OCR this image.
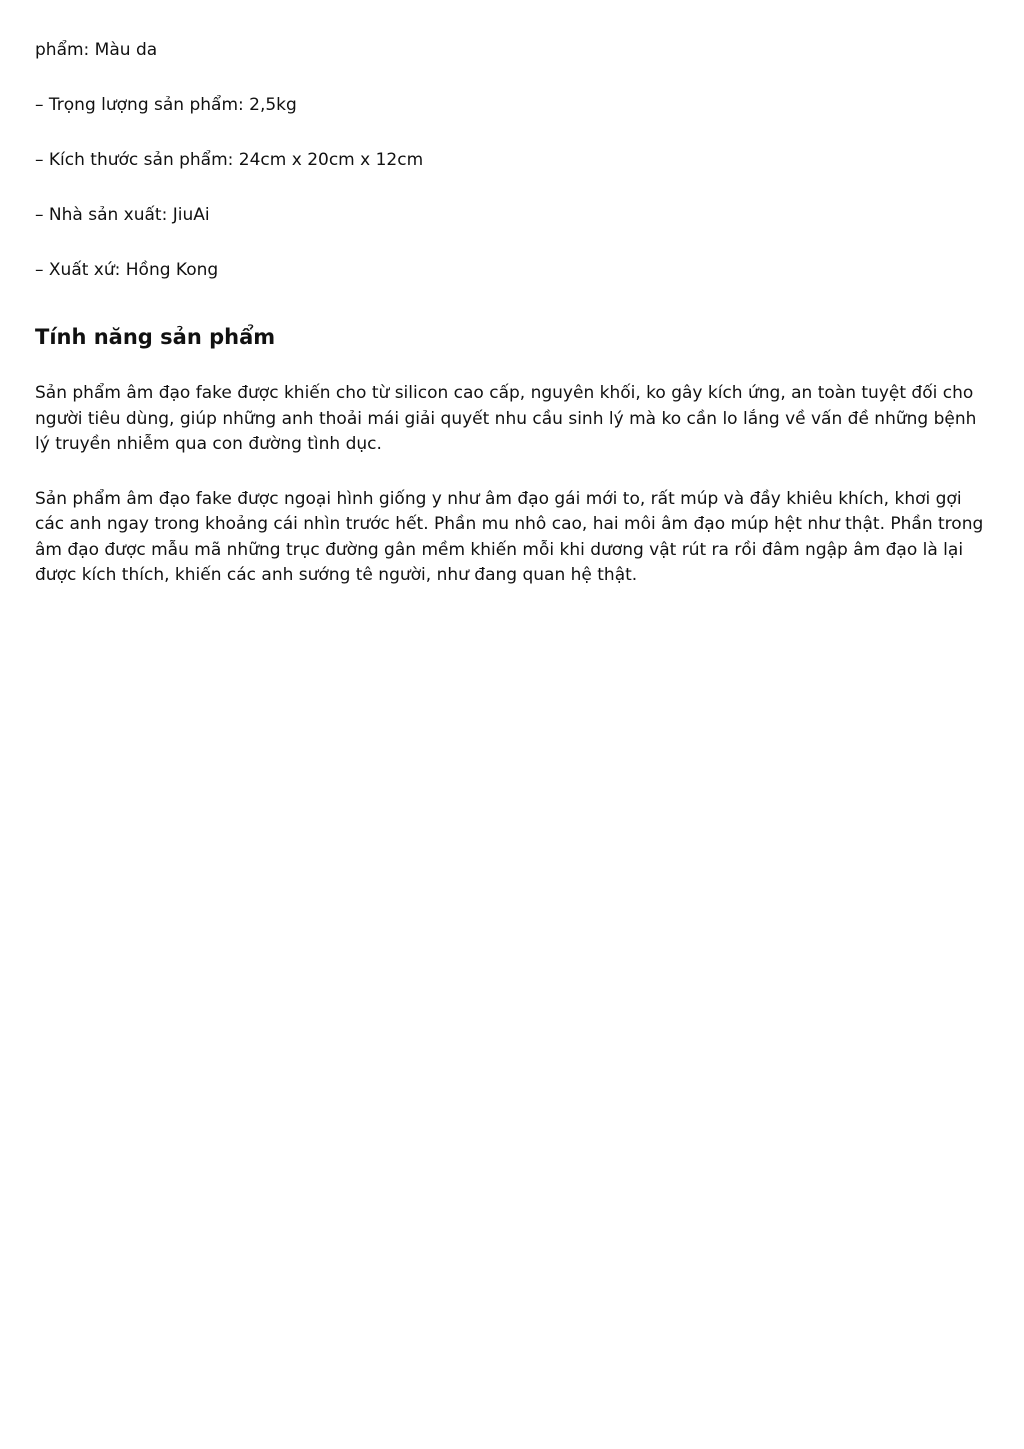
phẩm: Màu da

– Trọng lượng sản phẩm: 2,5kg
– Kích thước sản phẩm: 24cm x 20cm x 12cm
– Nhà sản xuất: JiuAi
– Xuất xứ: Hồng Kong
Tính năng sản phẩm

Sản phẩm âm đạo fake được khiến cho từ silicon cao cấp, nguyên khối, ko gây kích ứng, an toàn tuyệt đối cho người tiêu dùng, giúp những anh thoải mái giải quyết nhu cầu sinh lý mà ko cần lo lắng về vấn đề những bệnh lý truyền nhiễm qua con đường tình dục.

Sản phẩm âm đạo fake được ngoại hình giống y như âm đạo gái mới to, rất múp và đầy khiêu khích, khơi gợi các anh ngay trong khoảng cái nhìn trước hết. Phần mu nhô cao, hai môi âm đạo múp hệt như thật. Phần trong âm đạo được mẫu mã những trục đường gân mềm khiến mỗi khi dương vật rút ra rồi đâm ngập âm đạo là lại được kích thích, khiến các anh sướng tê người, như đang quan hệ thật.
